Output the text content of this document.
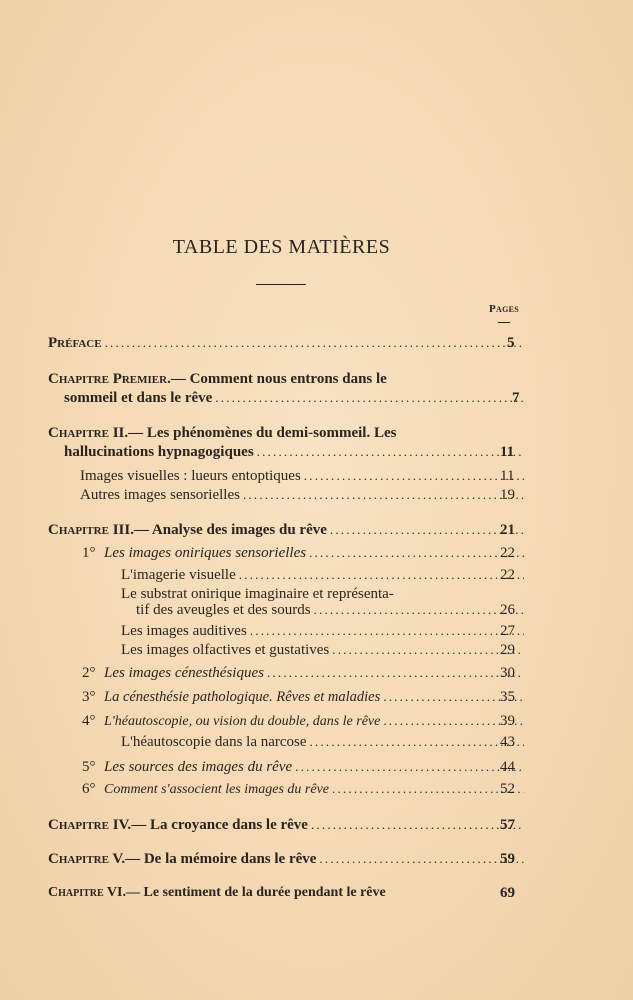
TABLE DES MATIÈRES
Pages
Préface .....	5
Chapitre Premier. — Comment nous entrons dans le
sommeil et dans le rêve .....	7
Chapitre II. — Les phénomènes du demi-sommeil. Les
hallucinations hypnagogiques .....	11
Images visuelles : lueurs entoptiques .....	11
Autres images sensorielles .....	19
Chapitre III. — Analyse des images du rêve .....	21
1° Les images oniriques sensorielles .....	22
L'imagerie visuelle .....	22
Le substrat onirique imaginaire et représenta-
tif des aveugles et des sourds .....	26
Les images auditives .....	27
Les images olfactives et gustatives .....	29
2° Les images cénesthésiques .....	30
3° La cénesthésie pathologique. Rêves et maladies .....	35
4° L'héautoscopie, ou vision du double, dans le rêve .....	39
L'héautoscopie dans la narcose .....	43
5° Les sources des images du rêve .....	44
6° Comment s'associent les images du rêve .....	52
Chapitre IV. — La croyance dans le rêve .....	57
Chapitre V. — De la mémoire dans le rêve .....	59
Chapitre VI. — Le sentiment de la durée pendant le rêve	69
